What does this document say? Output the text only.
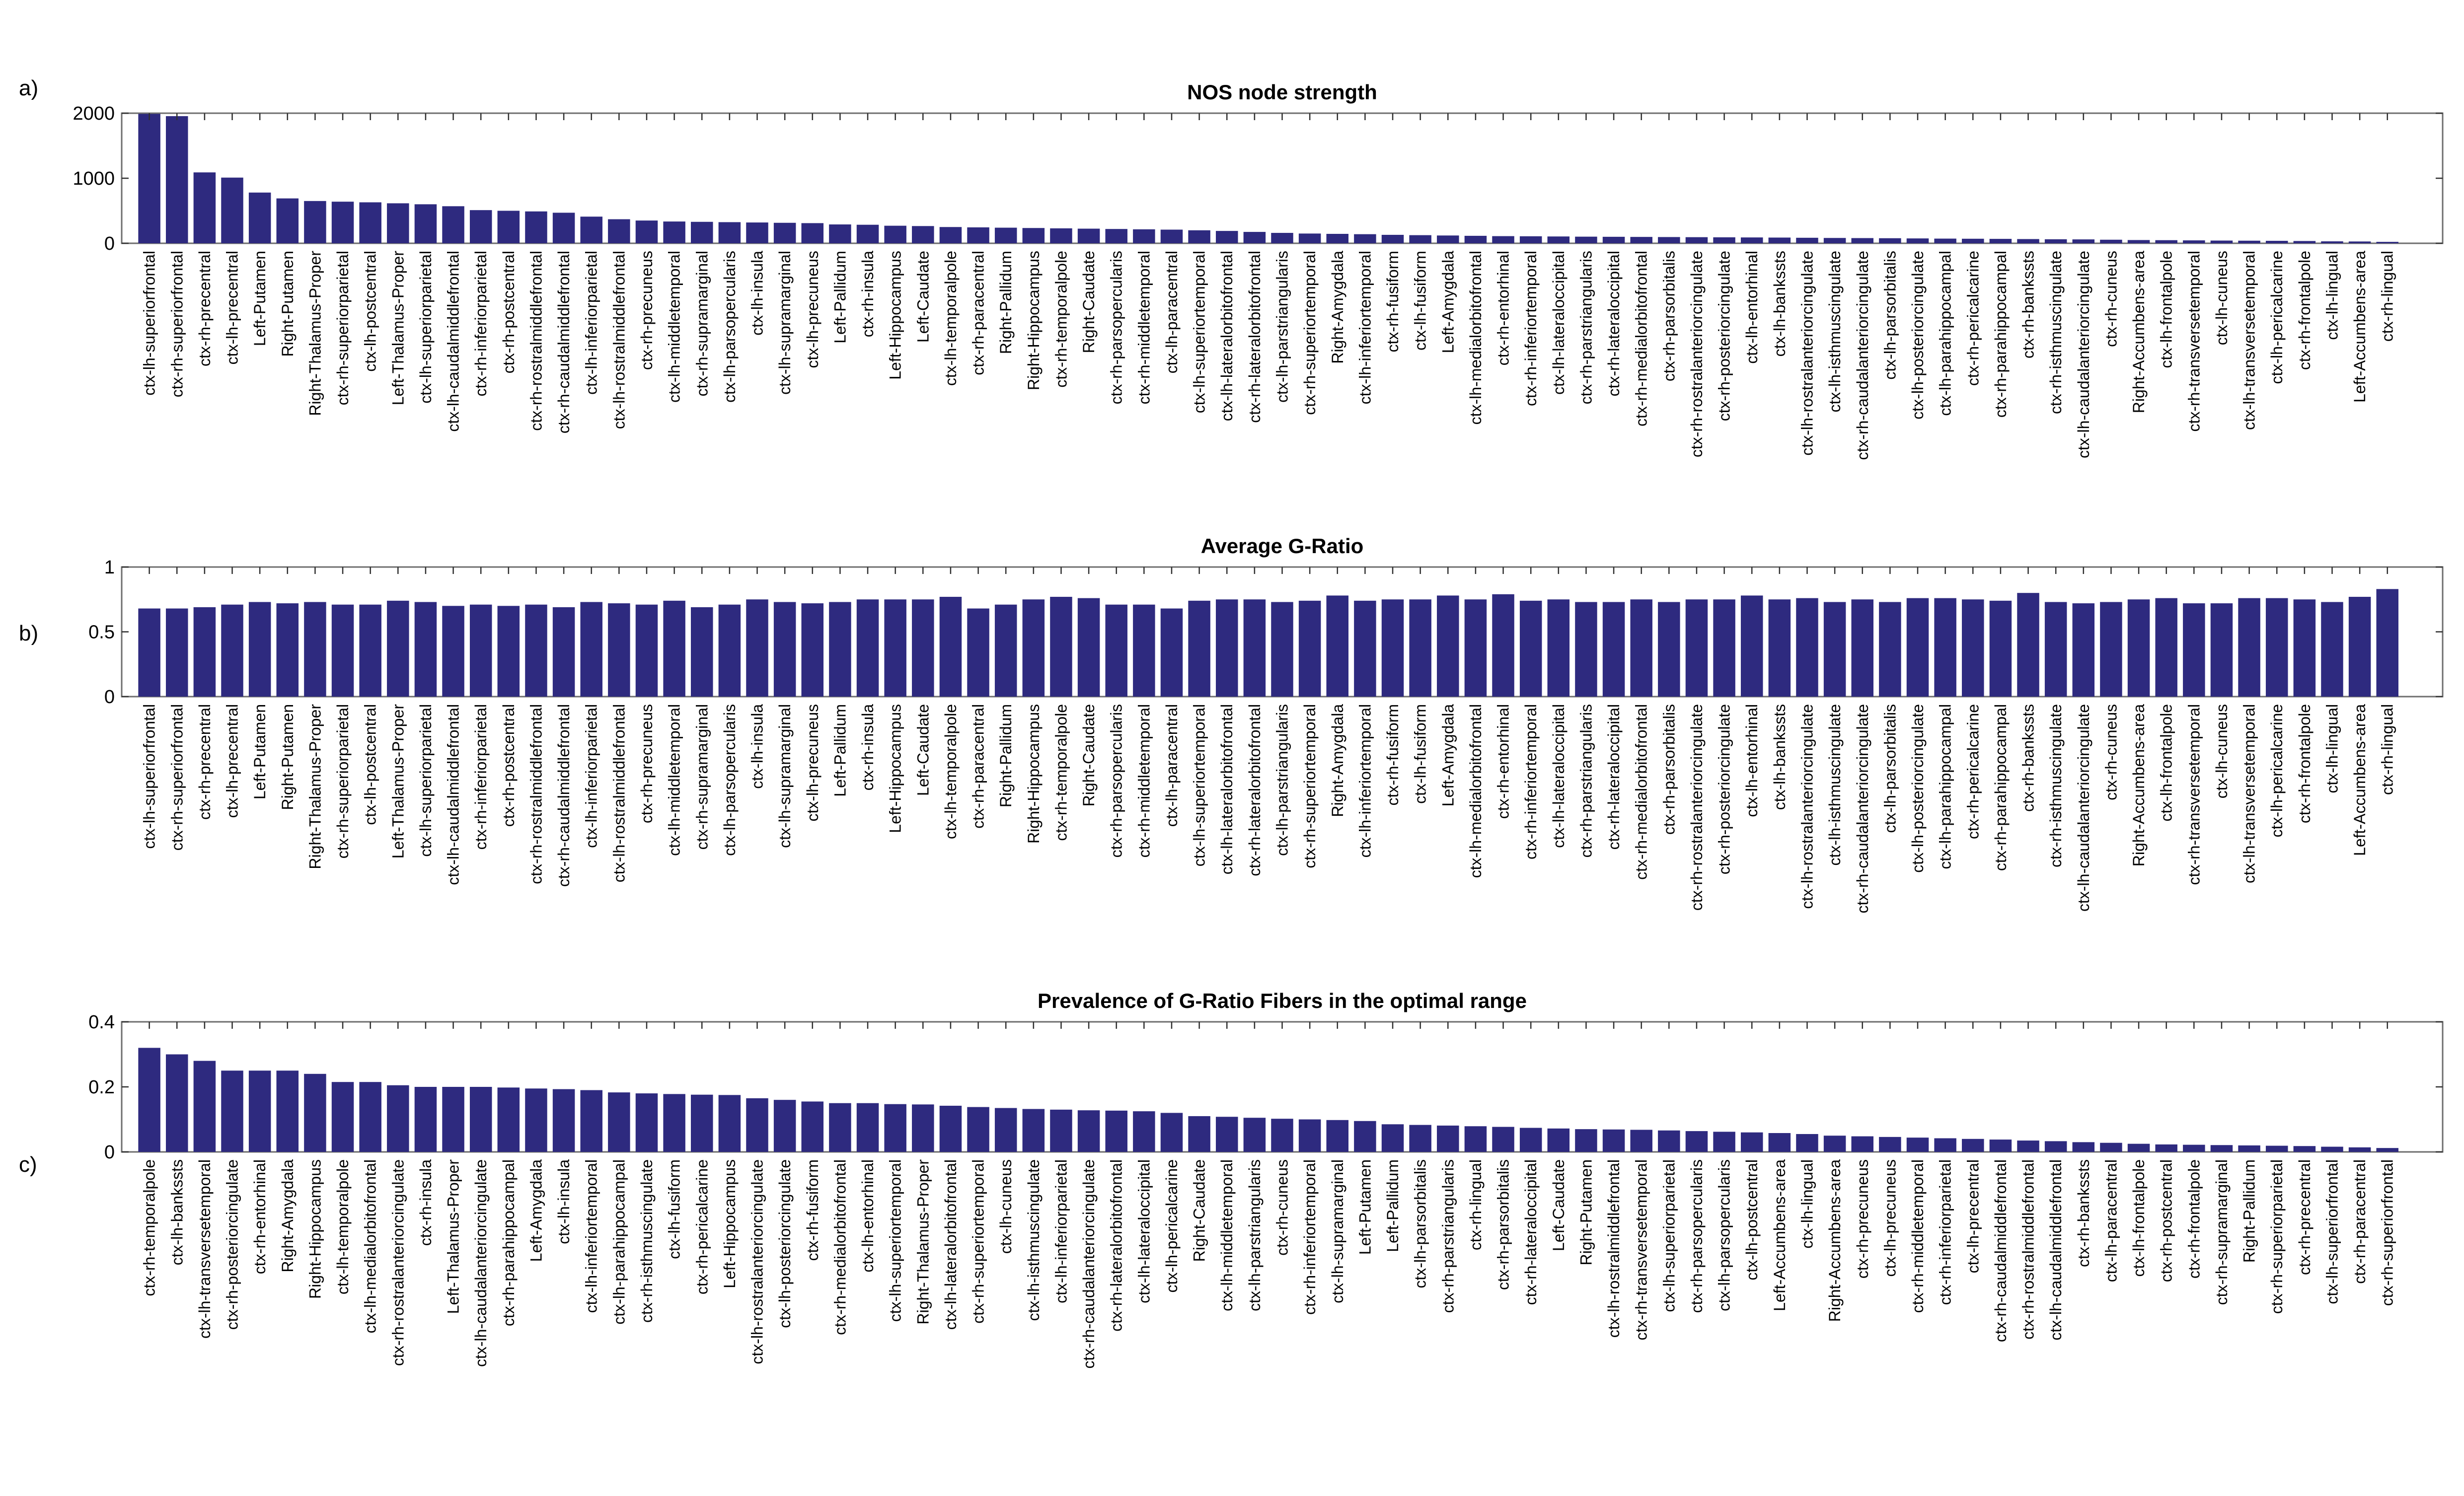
a)	NOS node strength
0
1000
2000
ctx-lh-superiorfrontal ctx-rh-superiorfrontal ctx-rh-precentral ctx-lh-precentral Left-Putamen Right-Putamen Right-Thalamus-Proper ctx-rh-superiorparietal ctx-lh-postcentral Left-Thalamus-Proper ctx-lh-superiorparietal ctx-lh-caudalmiddlefrontal ctx-rh-inferiorparietal ctx-rh-postcentral ctx-rh-rostralmiddlefrontal ctx-rh-caudalmiddlefrontal ctx-lh-inferiorparietal ctx-lh-rostralmiddlefrontal ctx-rh-precuneus ctx-lh-middletemporal ctx-rh-supramarginal ctx-lh-parsopercularis ctx-lh-insula ctx-lh-supramarginal ctx-lh-precuneus Left-Pallidum ctx-rh-insula Left-Hippocampus Left-Caudate ctx-lh-temporalpole ctx-rh-paracentral Right-Pallidum Right-Hippocampus ctx-rh-temporalpole Right-Caudate ctx-rh-parsopercularis ctx-rh-middletemporal ctx-lh-paracentral ctx-lh-superiortemporal ctx-lh-lateralorbitofrontal ctx-rh-lateralorbitofrontal ctx-lh-parstriangularis ctx-rh-superiortemporal Right-Amygdala ctx-lh-inferiortemporal ctx-rh-fusiform ctx-lh-fusiform Left-Amygdala ctx-lh-medialorbitofrontal ctx-rh-entorhinal ctx-rh-inferiortemporal ctx-lh-lateraloccipital ctx-rh-parstriangularis ctx-rh-lateraloccipital ctx-rh-medialorbitofrontal ctx-rh-parsorbitalis ctx-rh-rostralanteriorcingulate ctx-rh-posteriorcingulate ctx-lh-entorhinal ctx-lh-bankssts ctx-lh-rostralanteriorcingulate ctx-lh-isthmuscingulate ctx-rh-caudalanteriorcingulate ctx-lh-parsorbitalis ctx-lh-posteriorcingulate ctx-lh-parahippocampal ctx-rh-pericalcarine ctx-rh-parahippocampal ctx-rh-bankssts ctx-rh-isthmuscingulate ctx-lh-caudalanteriorcingulate ctx-rh-cuneus Right-Accumbens-area ctx-lh-frontalpole ctx-rh-transversetemporal ctx-lh-cuneus ctx-lh-transversetemporal ctx-lh-pericalcarine ctx-rh-frontalpole ctx-lh-lingual Left-Accumbens-area ctx-rh-lingual
b)
Average G-Ratio
0
0.5
1
ctx-lh-superiorfrontal ctx-rh-superiorfrontal ctx-rh-precentral ctx-lh-precentral Left-Putamen Right-Putamen Right-Thalamus-Proper ctx-rh-superiorparietal ctx-lh-postcentral Left-Thalamus-Proper ctx-lh-superiorparietal ctx-lh-caudalmiddlefrontal ctx-rh-inferiorparietal ctx-rh-postcentral ctx-rh-rostralmiddlefrontal ctx-rh-caudalmiddlefrontal ctx-lh-inferiorparietal ctx-lh-rostralmiddlefrontal ctx-rh-precuneus ctx-lh-middletemporal ctx-rh-supramarginal ctx-lh-parsopercularis ctx-lh-insula ctx-lh-supramarginal ctx-lh-precuneus Left-Pallidum ctx-rh-insula Left-Hippocampus Left-Caudate ctx-lh-temporalpole ctx-rh-paracentral Right-Pallidum Right-Hippocampus ctx-rh-temporalpole Right-Caudate ctx-rh-parsopercularis ctx-rh-middletemporal ctx-lh-paracentral ctx-lh-superiortemporal ctx-lh-lateralorbitofrontal ctx-rh-lateralorbitofrontal ctx-lh-parstriangularis ctx-rh-superiortemporal Right-Amygdala ctx-lh-inferiortemporal ctx-rh-fusiform ctx-lh-fusiform Left-Amygdala ctx-lh-medialorbitofrontal ctx-rh-entorhinal ctx-rh-inferiortemporal ctx-lh-lateraloccipital ctx-rh-parstriangularis ctx-rh-lateraloccipital ctx-rh-medialorbitofrontal ctx-rh-parsorbitalis ctx-rh-rostralanteriorcingulate ctx-rh-posteriorcingulate ctx-lh-entorhinal ctx-lh-bankssts ctx-lh-rostralanteriorcingulate ctx-lh-isthmuscingulate ctx-rh-caudalanteriorcingulate ctx-lh-parsorbitalis ctx-lh-posteriorcingulate ctx-lh-parahippocampal ctx-rh-pericalcarine ctx-rh-parahippocampal ctx-rh-bankssts ctx-rh-isthmuscingulate ctx-lh-caudalanteriorcingulate ctx-rh-cuneus Right-Accumbens-area ctx-lh-frontalpole ctx-rh-transversetemporal ctx-lh-cuneus ctx-lh-transversetemporal ctx-lh-pericalcarine ctx-rh-frontalpole ctx-lh-lingual Left-Accumbens-area ctx-rh-lingual
c)
Prevalence of G-Ratio Fibers in the optimal range
0
0.2
0.4
ctx-rh-temporalpole ctx-lh-bankssts ctx-lh-transversetemporal ctx-rh-posteriorcingulate ctx-rh-entorhinal Right-Amygdala Right-Hippocampus ctx-lh-temporalpole ctx-lh-medialorbitofrontal ctx-rh-rostralanteriorcingulate ctx-rh-insula Left-Thalamus-Proper ctx-lh-caudalanteriorcingulate ctx-rh-parahippocampal Left-Amygdala ctx-lh-insula ctx-lh-inferiortemporal ctx-lh-parahippocampal ctx-rh-isthmuscingulate ctx-lh-fusiform ctx-rh-pericalcarine Left-Hippocampus ctx-lh-rostralanteriorcingulate ctx-lh-posteriorcingulate ctx-rh-fusiform ctx-rh-medialorbitofrontal ctx-lh-entorhinal ctx-lh-superiortemporal Right-Thalamus-Proper ctx-lh-lateralorbitofrontal ctx-rh-superiortemporal ctx-lh-cuneus ctx-lh-isthmuscingulate ctx-lh-inferiorparietal ctx-rh-caudalanteriorcingulate ctx-rh-lateralorbitofrontal ctx-lh-lateraloccipital ctx-lh-pericalcarine Right-Caudate ctx-lh-middletemporal ctx-lh-parstriangularis ctx-rh-cuneus ctx-rh-inferiortemporal ctx-lh-supramarginal Left-Putamen Left-Pallidum ctx-lh-parsorbitalis ctx-rh-parstriangularis ctx-rh-lingual ctx-rh-parsorbitalis ctx-rh-lateraloccipital Left-Caudate Right-Putamen ctx-lh-rostralmiddlefrontal ctx-rh-transversetemporal ctx-lh-superiorparietal ctx-rh-parsopercularis ctx-lh-parsopercularis ctx-lh-postcentral Left-Accumbens-area ctx-lh-lingual Right-Accumbens-area ctx-rh-precuneus ctx-lh-precuneus ctx-rh-middletemporal ctx-rh-inferiorparietal ctx-lh-precentral ctx-rh-caudalmiddlefrontal ctx-rh-rostralmiddlefrontal ctx-lh-caudalmiddlefrontal ctx-rh-bankssts ctx-lh-paracentral ctx-lh-frontalpole ctx-rh-postcentral ctx-rh-frontalpole ctx-rh-supramarginal Right-Pallidum ctx-rh-superiorparietal ctx-rh-precentral ctx-lh-superiorfrontal ctx-rh-paracentral ctx-rh-superiorfrontal
